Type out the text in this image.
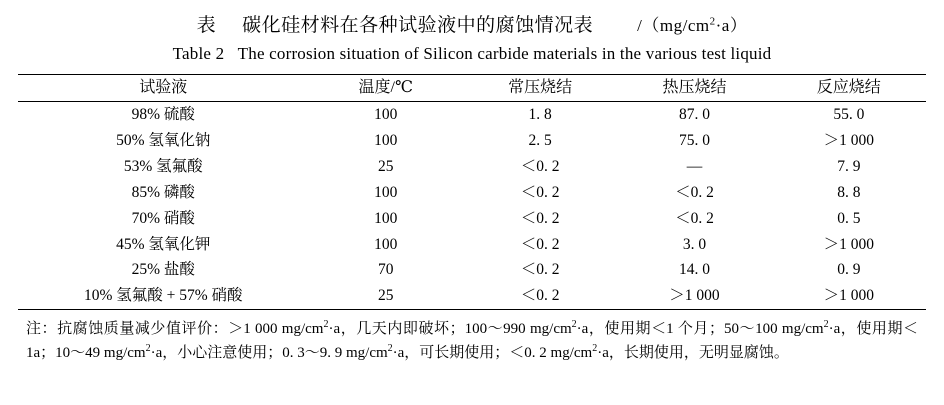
表 碳化硅材料在各种试验液中的腐蚀情况表	$/(mg/cm^2\cdot a)$
Table 2 The corrosion situation of Silicon carbide materials in the various test liquid
试验液	温度/℃	常压烧结	热压烧结	反应烧结
98% 硫酸	100	1. 8	87. 0	55. 0
50% 氢氧化钠	100	2. 5	75. 0	＞1 000
53% 氢氟酸	25	＜0. 2	—	7. 9
85% 磷酸	100	＜0. 2	＜0. 2	8. 8
70% 硝酸	100	＜0. 2	＜0. 2	0. 5
45% 氢氧化钾	100	＜0. 2	3. 0	＞1 000
25% 盐酸	70	＜0. 2	14. 0	0. 9
10% 氢氟酸 + 57% 硝酸	25	＜0. 2	＞1 000	＞1 000

注：抗腐蚀质量减少值评价：＞1 000 $mg/cm^2\cdot a$，几天内即破坏；100～990 $mg/cm^2\cdot a$，使用期＜1 个月；50～100 $mg/cm^2\cdot a$，使用期＜1a；10～49 $mg/cm^2\cdot a$，小心注意使用；0. 3～9. 9 $mg/cm^2\cdot a$，可长期使用；＜0. 2 $mg/cm^2\cdot a$，长期使用，无明显腐蚀。
